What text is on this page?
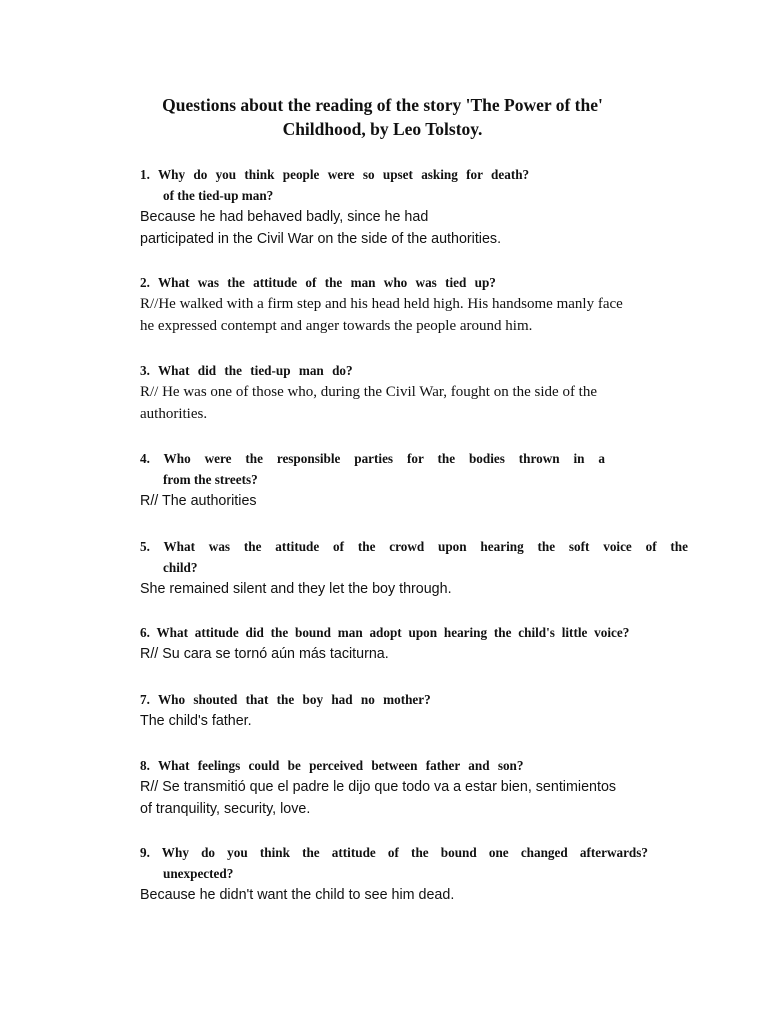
Questions about the reading of the story 'The Power of the'
Childhood, by Leo Tolstoy.

1. Why do you think people were so upset asking for death?

of the tied-up man?

Because he had behaved badly, since he had

participated in the Civil War on the side of the authorities.

2. What was the attitude of the man who was tied up?

R//He walked with a firm step and his head held high. His handsome manly face

he expressed contempt and anger towards the people around him.

3. What did the tied-up man do?

R// He was one of those who, during the Civil War, fought on the side of the

authorities.

4. Who were the responsible parties for the bodies thrown in a

from the streets?

R// The authorities

5. What was the attitude of the crowd upon hearing the soft voice of the

child?

She remained silent and they let the boy through.

6. What attitude did the bound man adopt upon hearing the child's little voice?

R// Su cara se tornó aún más taciturna.

7. Who shouted that the boy had no mother?

The child's father.

8. What feelings could be perceived between father and son?

R// Se transmitió que el padre le dijo que todo va a estar bien, sentimientos

of tranquility, security, love.

9. Why do you think the attitude of the bound one changed afterwards?

unexpected?

Because he didn't want the child to see him dead.
